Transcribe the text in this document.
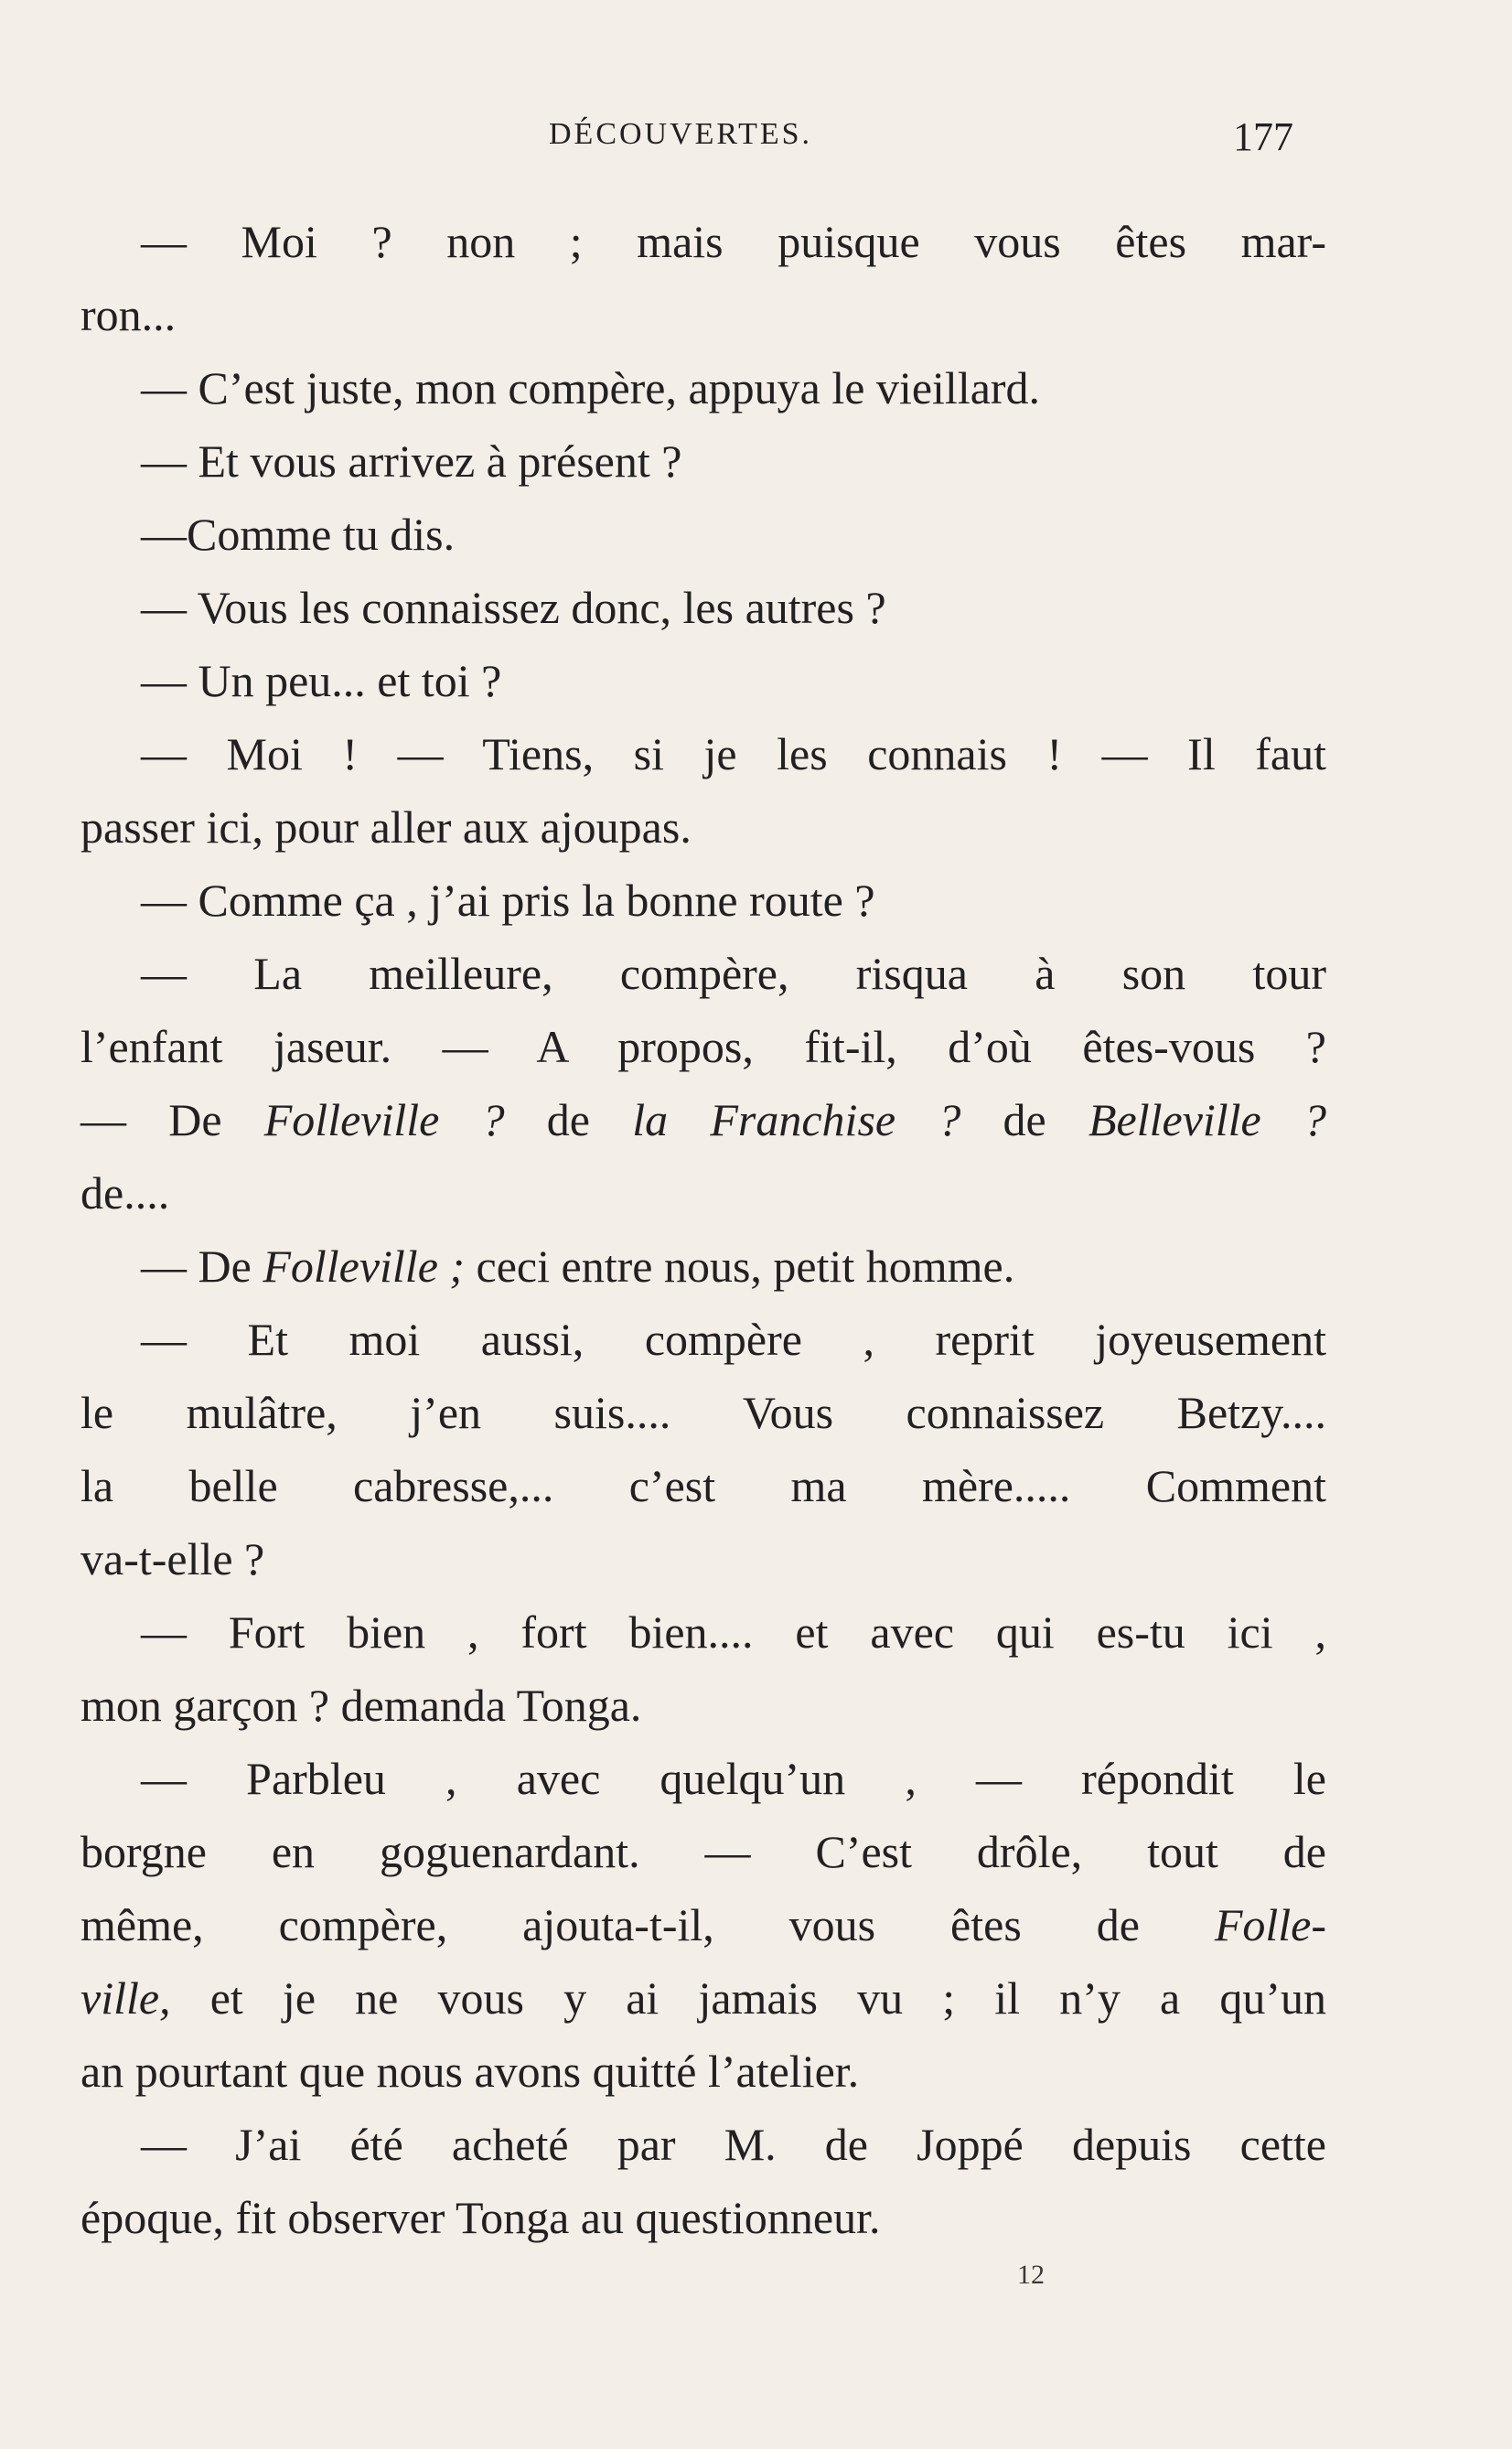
DÉCOUVERTES.	177
— Moi ? non ; mais puisque vous êtes mar-
ron...
— C’est juste, mon compère, appuya le vieillard.
— Et vous arrivez à présent ?
—Comme tu dis.
— Vous les connaissez donc, les autres ?
— Un peu... et toi ?
— Moi ! — Tiens, si je les connais ! — Il faut
passer ici, pour aller aux ajoupas.
— Comme ça , j’ai pris la bonne route ?
— La meilleure, compère, risqua à son tour
l’enfant jaseur. — A propos, fit-il, d’où êtes-vous ?
— De Folleville ? de la Franchise ? de Belleville ?
de....
— De Folleville ; ceci entre nous, petit homme.
— Et moi aussi, compère , reprit joyeusement
le mulâtre, j’en suis.... Vous connaissez Betzy....
la belle cabresse,... c’est ma mère..... Comment
va-t-elle ?
— Fort bien , fort bien.... et avec qui es-tu ici ,
mon garçon ? demanda Tonga.
— Parbleu , avec quelqu’un , — répondit le
borgne en goguenardant. — C’est drôle, tout de
même, compère, ajouta-t-il, vous êtes de Folle-
ville, et je ne vous y ai jamais vu ; il n’y a qu’un
an pourtant que nous avons quitté l’atelier.
— J’ai été acheté par M. de Joppé depuis cette
époque, fit observer Tonga au questionneur.
12
